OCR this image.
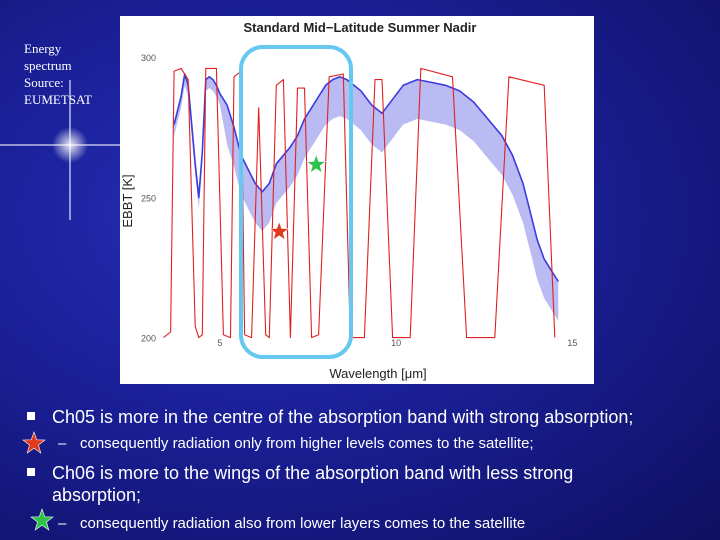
Energy
spectrum
Source:
EUMETSAT
Standard Mid−Latitude Summer Nadir
EBBT [K]
Wavelength [μm]
300
250
200	5	10	15
Ch05 is more in the centre of the absorption band with strong absorption;
– consequently radiation only from higher levels comes to the satellite;
Ch06 is more to the wings of the absorption band with less strong
absorption;
– consequently radiation also from lower layers comes to the satellite
